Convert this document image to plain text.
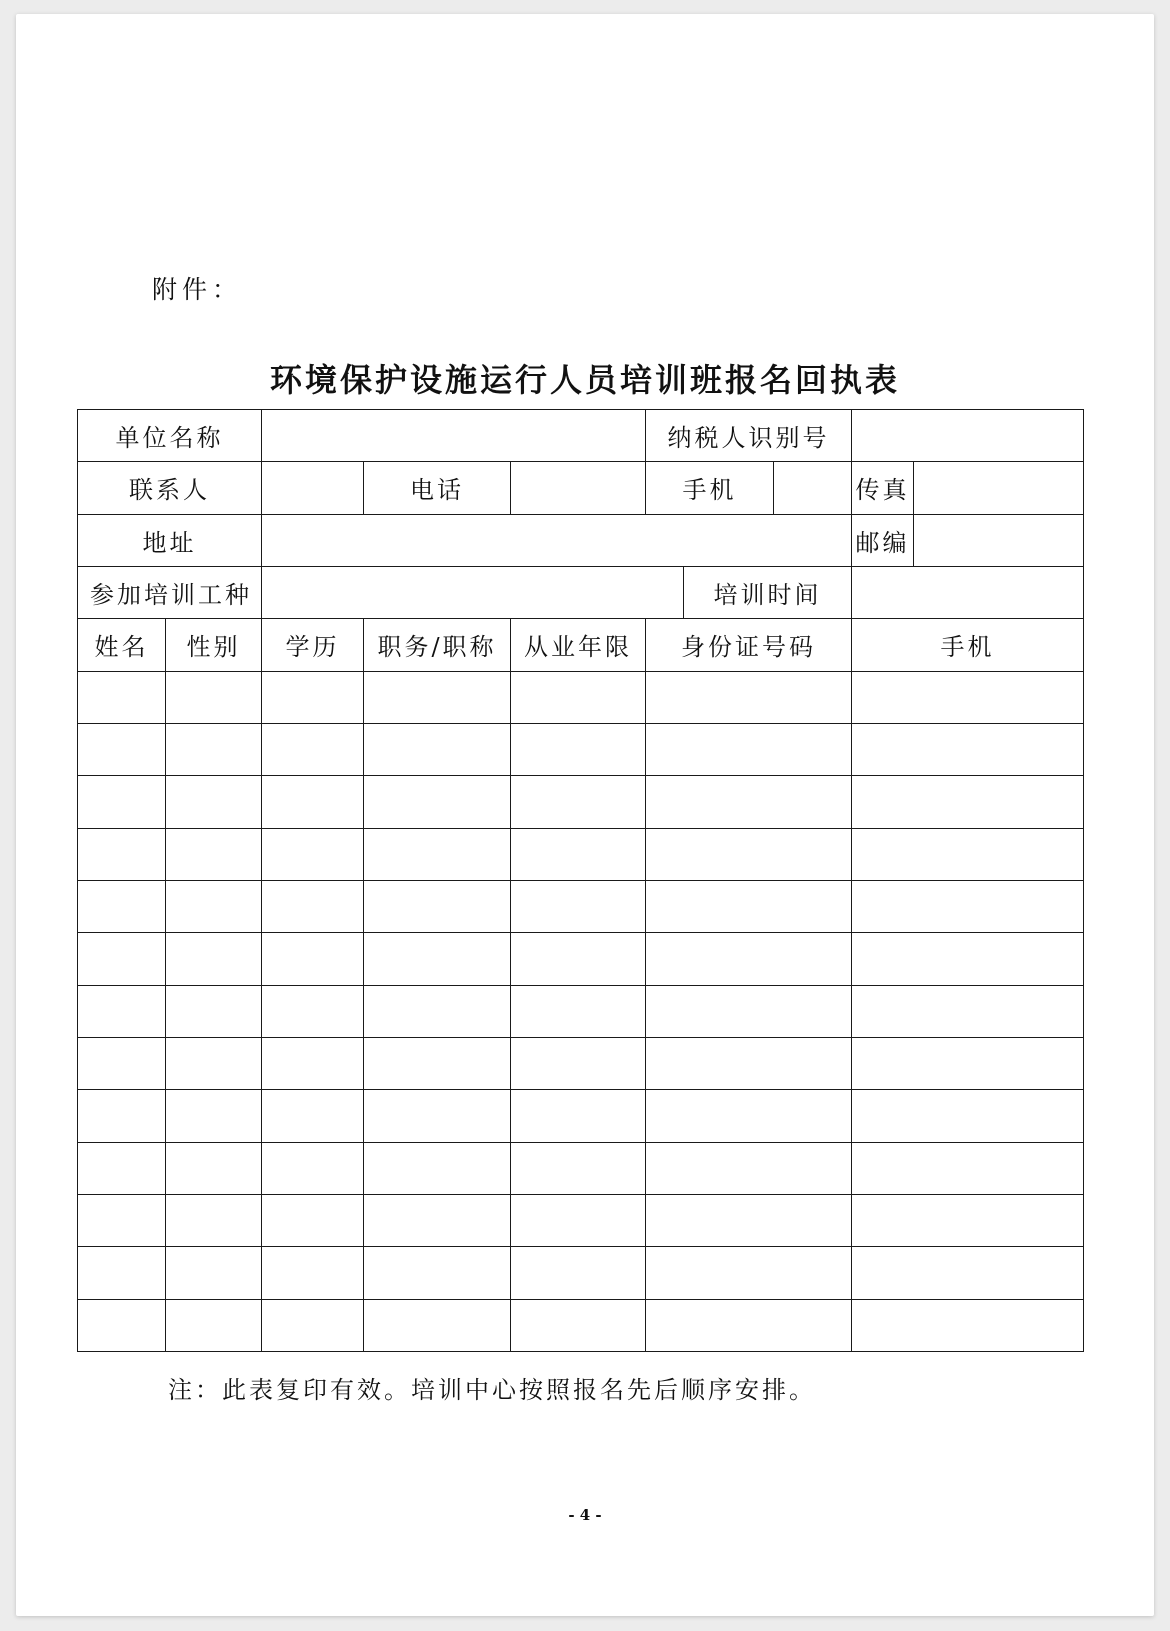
附件：
环境保护设施运行人员培训班报名回执表
单位名称					纳税人识别号				
联系人			电话		手机			传真	
地址								邮编	
参加培训工种						培训时间			
姓名	性别	学历	职务/职称	从业年限	身份证号码			手机	

注：此表复印有效。培训中心按照报名先后顺序安排。
- 4 -
